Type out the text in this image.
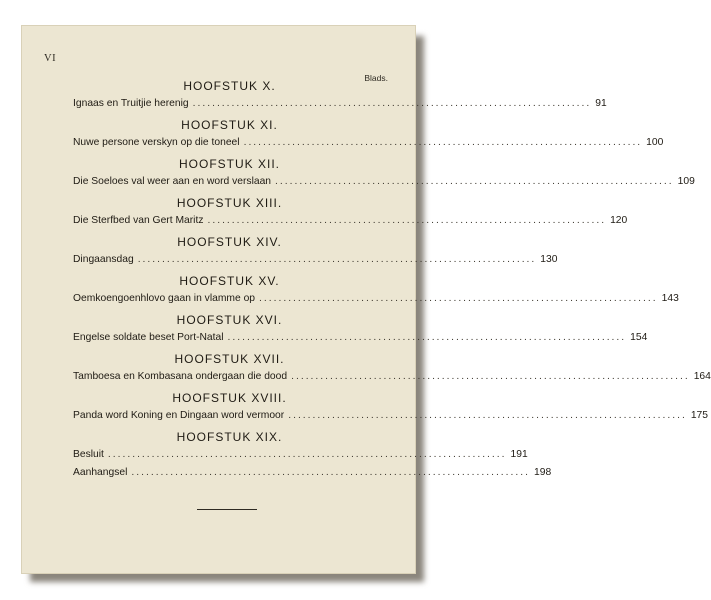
VI
Blads.
HOOFSTUK X.
Ignaas en Truitjie herenig .................................................................................. 91
HOOFSTUK XI.
Nuwe persone verskyn op die toneel .................................................................................. 100
HOOFSTUK XII.
Die Soeloes val weer aan en word verslaan .................................................................................. 109
HOOFSTUK XIII.
Die Sterfbed van Gert Maritz .................................................................................. 120
HOOFSTUK XIV.
Dingaansdag .................................................................................. 130
HOOFSTUK XV.
Oemkoengoenhlovo gaan in vlamme op .................................................................................. 143
HOOFSTUK XVI.
Engelse soldate beset Port-Natal .................................................................................. 154
HOOFSTUK XVII.
Tamboesa en Kombasana ondergaan die dood .................................................................................. 164
HOOFSTUK XVIII.
Panda word Koning en Dingaan word vermoor .................................................................................. 175
HOOFSTUK XIX.
Besluit .................................................................................. 191
Aanhangsel .................................................................................. 198
